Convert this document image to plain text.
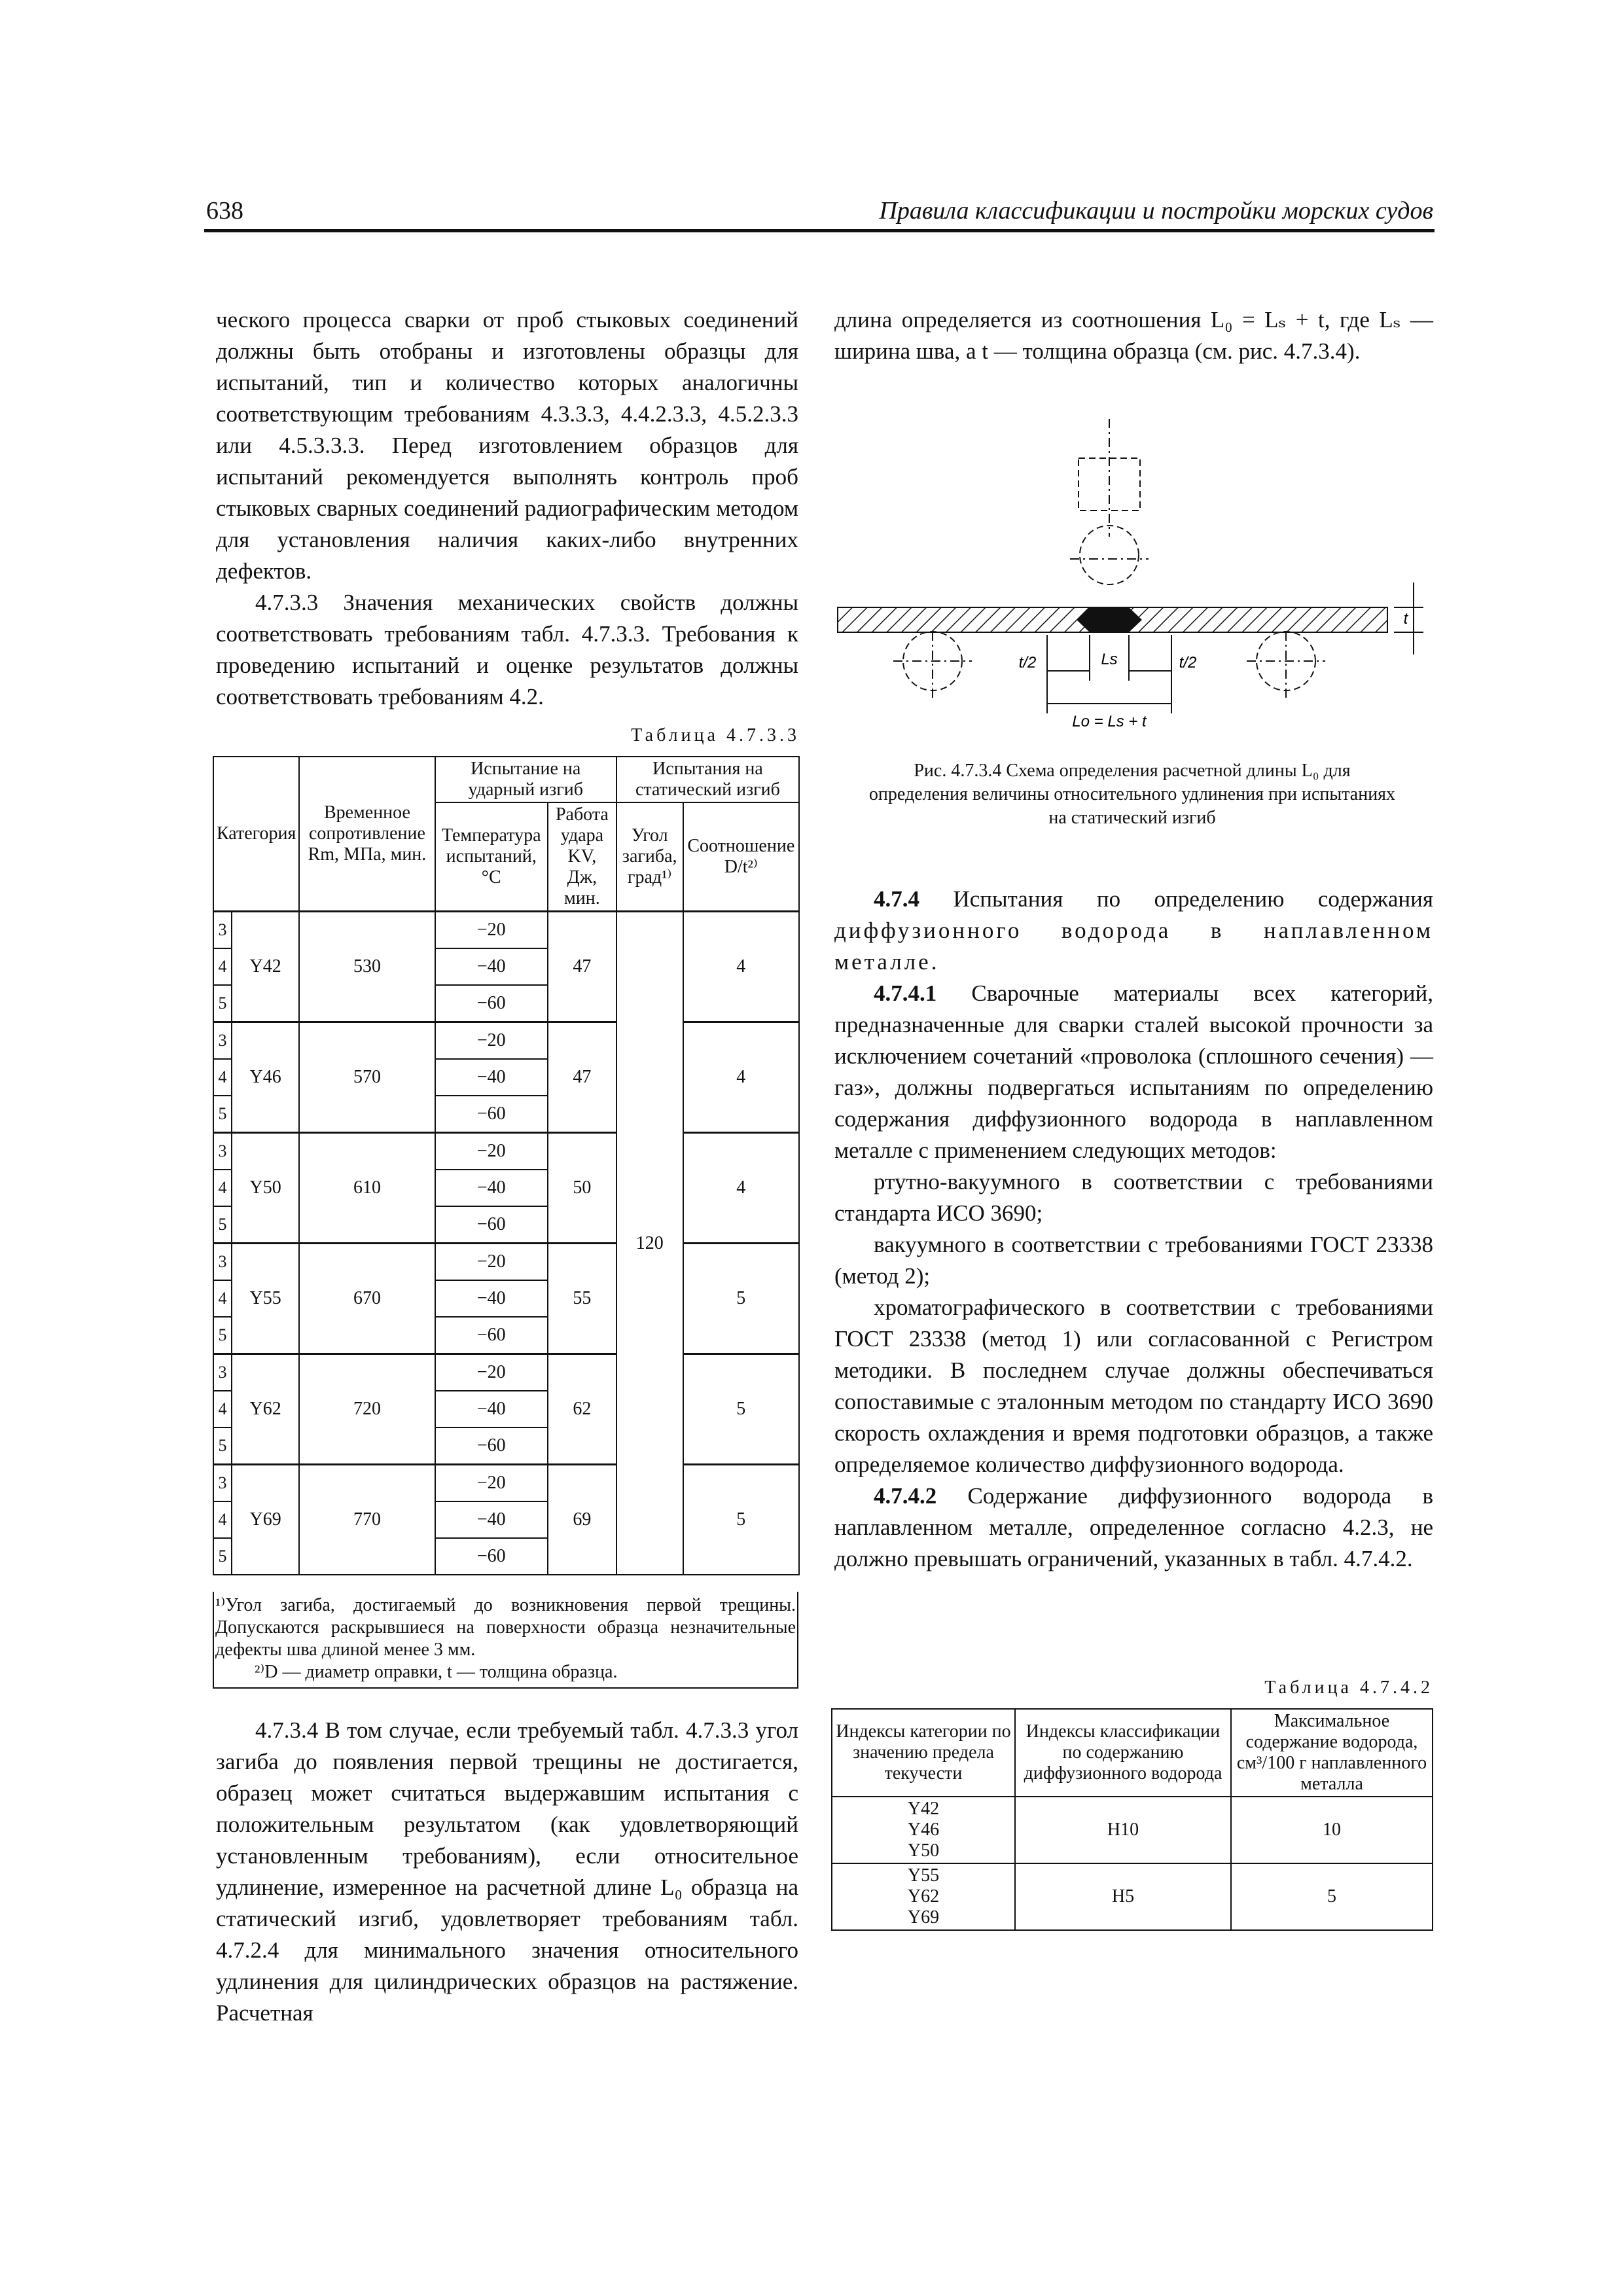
638	Правила классификации и постройки морских судов

ческого процесса сварки от проб стыковых соединений должны быть отобраны и изготовлены образцы для испытаний, тип и количество которых аналогичны соответствующим требованиям 4.3.3.3, 4.4.2.3.3, 4.5.2.3.3 или 4.5.3.3.3. Перед изготовлением образцов для испытаний рекомендуется выполнять контроль проб стыковых сварных соединений радиографическим методом для установления наличия каких-либо внутренних дефектов.

4.7.3.3 Значения механических свойств должны соответствовать требованиям табл. 4.7.3.3. Требования к проведению испытаний и оценке результатов должны соответствовать требованиям 4.2.

длина определяется из соотношения L₀ = Lₛ + t, где Lₛ — ширина шва, а t — толщина образца (см. рис. 4.7.3.4).

t/2	t/2
Ls
Lo = Ls + t
t
Рис. 4.7.3.4 Схема определения расчетной длины L₀ для определения величины относительного удлинения при испытаниях на статический изгиб
Таблица 4.7.3.3
Категория		Временное сопротивление Rm, МПа, мин.	Испытание на ударный изгиб		Испытания на статический изгиб	
			Температура испытаний, °С	Работа удара KV, Дж, мин.	Угол загиба, град¹⁾	Соотношение D/t²⁾
3	Y42	530	−20	47	120	4
4			−40			
5			−60			
3	Y46	570	−20	47		4
4			−40			
5			−60			
3	Y50	610	−20	50		4
4			−40			
5			−60			
3	Y55	670	−20	55		5
4			−40			
5			−60			
3	Y62	720	−20	62		5
4			−40			
5			−60			
3	Y69	770	−20	69		5
4			−40			
5			−60			
¹⁾Угол загиба, достигаемый до возникновения первой трещины. Допускаются раскрывшиеся на поверхности образца незначительные дефекты шва длиной менее 3 мм.
²⁾D — диаметр оправки, t — толщина образца.

4.7.3.4 В том случае, если требуемый табл. 4.7.3.3 угол загиба до появления первой трещины не достигается, образец может считаться выдержавшим испытания с положительным результатом (как удовлетворяющий установленным требованиям), если относительное удлинение, измеренное на расчетной длине L₀ образца на статический изгиб, удовлетворяет требованиям табл. 4.7.2.4 для минимального значения относительного удлинения для цилиндрических образцов на растяжение. Расчетная

4.7.4 Испытания по определению содержания диффузионного водорода в наплавленном металле.

4.7.4.1 Сварочные материалы всех категорий, предназначенные для сварки сталей высокой прочности за исключением сочетаний «проволока (сплошного сечения) — газ», должны подвергаться испытаниям по определению содержания диффузионного водорода в наплавленном металле с применением следующих методов:

ртутно-вакуумного в соответствии с требованиями стандарта ИСО 3690;

вакуумного в соответствии с требованиями ГОСТ 23338 (метод 2);

хроматографического в соответствии с требованиями ГОСТ 23338 (метод 1) или согласованной с Регистром методики. В последнем случае должны обеспечиваться сопоставимые с эталонным методом по стандарту ИСО 3690 скорость охлаждения и время подготовки образцов, а также определяемое количество диффузионного водорода.

4.7.4.2 Содержание диффузионного водорода в наплавленном металле, определенное согласно 4.2.3, не должно превышать ограничений, указанных в табл. 4.7.4.2.

Таблица 4.7.4.2
Индексы категории по значению предела текучести	Индексы классификации по содержанию диффузионного водорода	Максимальное содержание водорода, см³/100 г наплавленного металла

Y42
Y46
Y50	H10	10

Y55
Y62
Y69	H5	5
